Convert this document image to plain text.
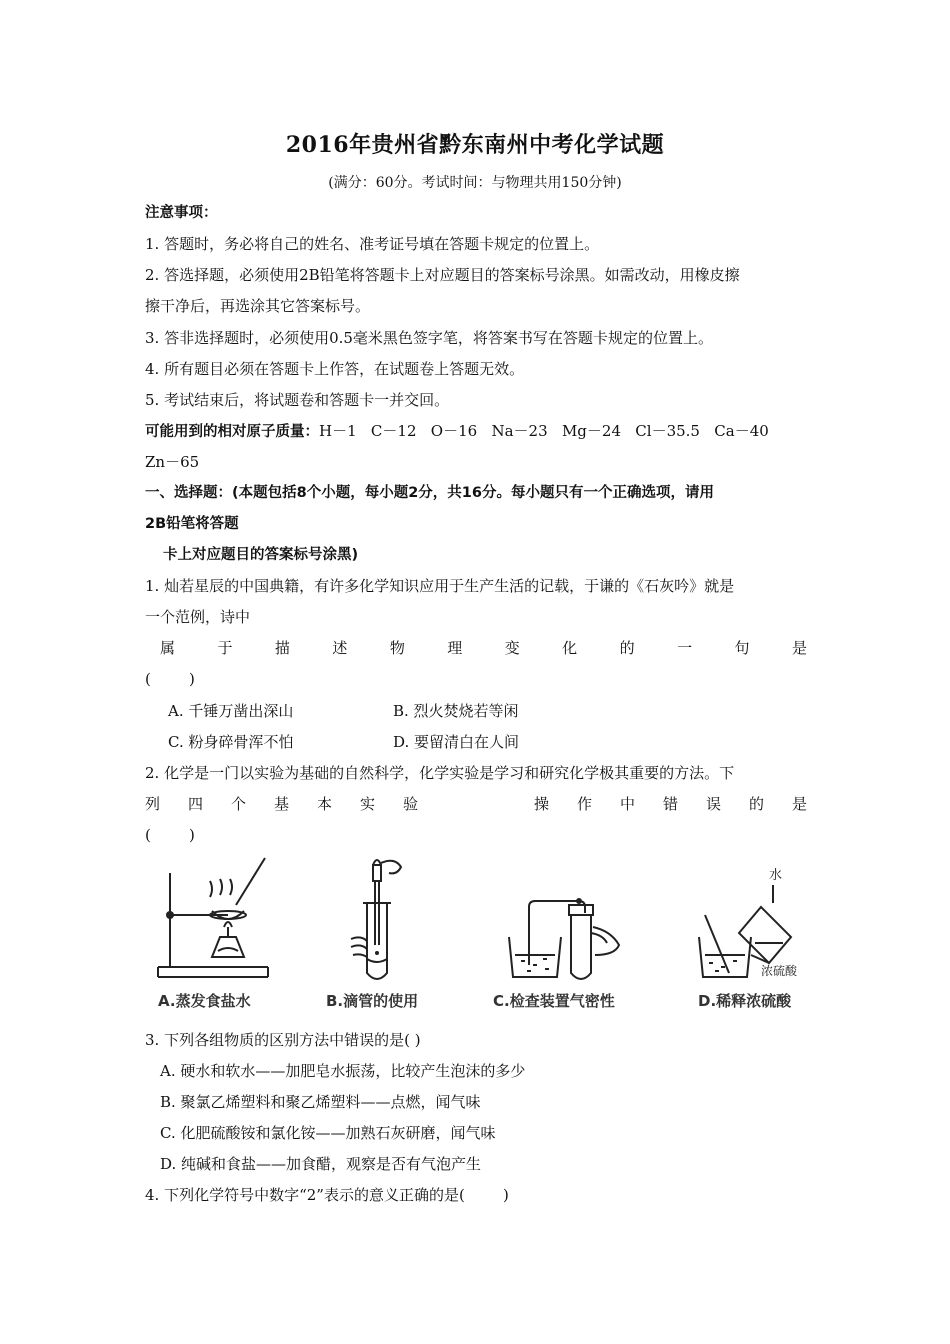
2016年贵州省黔东南州中考化学试题
(满分：60分。考试时间：与物理共用150分钟)
注意事项：
1. 答题时，务必将自己的姓名、准考证号填在答题卡规定的位置上。
2. 答选择题，必须使用2B铅笔将答题卡上对应题目的答案标号涂黑。如需改动，用橡皮擦
擦干净后，再选涂其它答案标号。
3. 答非选择题时，必须使用0.5毫米黑色签字笔，将答案书写在答题卡规定的位置上。
4. 所有题目必须在答题卡上作答，在试题卷上答题无效。
5. 考试结束后，将试题卷和答题卡一并交回。
可能用到的相对原子质量：H－1   C－12   O－16   Na－23   Mg－24   Cl－35.5   Ca－40
Zn－65
一、选择题：(本题包括8个小题，每小题2分，共16分。每小题只有一个正确选项，请用
2B铅笔将答题
卡上对应题目的答案标号涂黑)
1. 灿若星辰的中国典籍，有许多化学知识应用于生产生活的记载，于谦的《石灰吟》就是
一个范例，诗中
属	于	描	述	物	理	变	化	的	一	句	是
(        )
A. 千锤万凿出深山	B. 烈火焚烧若等闲
C. 粉身碎骨浑不怕	D. 要留清白在人间
2. 化学是一门以实验为基础的自然科学，化学实验是学习和研究化学极其重要的方法。下
列 四 个 基 本 实 验	操 作 中 错 误 的 是
(        )
A.蒸发食盐水	B.滴管的使用	C.检查装置气密性
水
浓硫酸
D.稀释浓硫酸
3. 下列各组物质的区别方法中错误的是( )
A. 硬水和软水——加肥皂水振荡，比较产生泡沫的多少
B. 聚氯乙烯塑料和聚乙烯塑料——点燃，闻气味
C. 化肥硫酸铵和氯化铵——加熟石灰研磨，闻气味
D. 纯碱和食盐——加食醋，观察是否有气泡产生
4. 下列化学符号中数字“2”表示的意义正确的是(        )
